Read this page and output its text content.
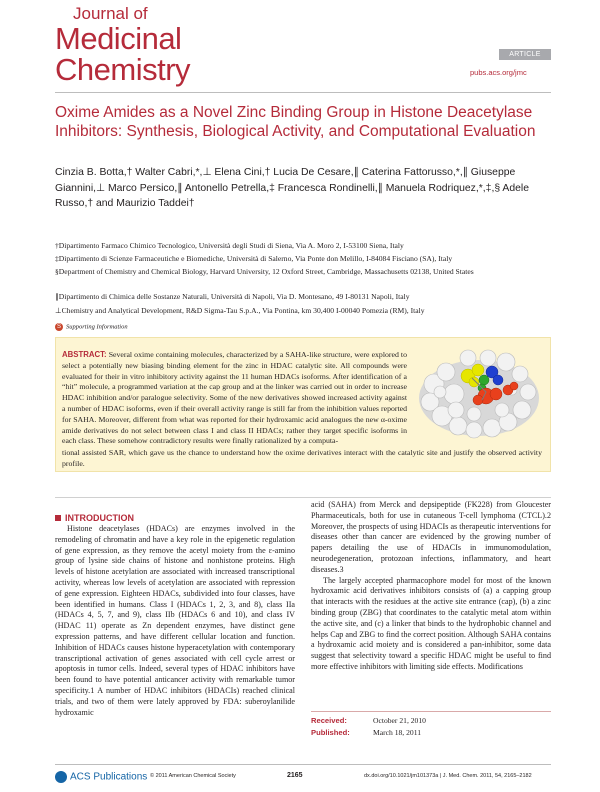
Journal of
Medicinal
Chemistry	ARTICLE
pubs.acs.org/jmc
Oxime Amides as a Novel Zinc Binding Group in Histone Deacetylase Inhibitors: Synthesis, Biological Activity, and Computational Evaluation
Cinzia B. Botta,† Walter Cabri,*,⊥ Elena Cini,† Lucia De Cesare,∥ Caterina Fattorusso,*,∥ Giuseppe Giannini,⊥ Marco Persico,∥ Antonello Petrella,‡ Francesca Rondinelli,∥ Manuela Rodriquez,*,‡,§ Adele Russo,† and Maurizio Taddei†
†Dipartimento Farmaco Chimico Tecnologico, Università degli Studi di Siena, Via A. Moro 2, I-53100 Siena, Italy
‡Dipartimento di Scienze Farmaceutiche e Biomediche, Università di Salerno, Via Ponte don Melillo, I-84084 Fisciano (SA), Italy
§Department of Chemistry and Chemical Biology, Harvard University, 12 Oxford Street, Cambridge, Massachusetts 02138, United States
∥Dipartimento di Chimica delle Sostanze Naturali, Università di Napoli, Via D. Montesano, 49 I-80131 Napoli, Italy
⊥Chemistry and Analytical Development, R&D Sigma-Tau S.p.A., Via Pontina, km 30,400 I-00040 Pomezia (RM), Italy
S Supporting Information
ABSTRACT: Several oxime containing molecules, characterized by a SAHA-like structure, were explored to select a potentially new biasing binding element for the zinc in HDAC catalytic site. All compounds were evaluated for their in vitro inhibitory activity against the 11 human HDACs isoforms. After identification of a “hit” molecule, a programmed variation at the cap group and at the linker was carried out in order to increase HDAC inhibition and/or paralogue selectivity. Some of the new derivatives showed increased activity against a number of HDAC isoforms, even if their overall activity range is still far from the inhibition values reported for SAHA. Moreover, different from what was reported for their hydroxamic acid analogues the new α-oxime amide derivatives do not select between class I and class II HDACs; rather they target specific isoforms in each class. These somehow contradictory results were finally rationalized by a computa-
tional assisted SAR, which gave us the chance to understand how the oxime derivatives interact with the catalytic site and justify the observed activity profile.
INTRODUCTION

Histone deacetylases (HDACs) are enzymes involved in the remodeling of chromatin and have a key role in the epigenetic regulation of gene expression, as they remove the acetyl moiety from the ε-amino group of lysine side chains of histone and nonhistone proteins. High levels of histone acetylation are associated with increased transcriptional activity, whereas low levels of acetylation are associated with repression of gene expression. Eighteen HDACs, subdivided into four classes, have been identified in humans. Class I (HDACs 1, 2, 3, and 8), class IIa (HDACs 4, 5, 7, and 9), class IIb (HDACs 6 and 10), and class IV (HDAC 11) operate as Zn dependent enzymes, have distinct gene expression patterns, and have different cellular location and function. Inhibition of HDACs causes histone hyperacetylation with contemporary transcriptional activation of genes associated with cell cycle arrest or apoptosis in tumor cells. Indeed, several types of HDAC inhibitors have been found to have potential anticancer activity with remarkable tumor specificity.1 A number of HDAC inhibitors (HDACIs) reached clinical trials, and two of them were lately approved by FDA: suberoylanilide hydroxamic

acid (SAHA) from Merck and depsipeptide (FK228) from Gloucester Pharmaceuticals, both for use in cutaneous T-cell lymphoma (CTCL).2 Moreover, the prospects of using HDACIs as therapeutic interventions for diseases other than cancer are evidenced by the growing number of papers detailing the use of HDACIs in immunomodulation, neurodegeneration, protozoan infections, inflammatory, and heart diseases.3

The largely accepted pharmacophore model for most of the known hydroxamic acid derivatives inhibitors consists of (a) a capping group that interacts with the residues at the active site entrance (cap), (b) a zinc binding group (ZBG) that coordinates to the catalytic metal atom within the active site, and (c) a linker that binds to the hydrophobic channel and helps Cap and ZBG to find the correct position. Although SAHA contains a hydroxamic acid moiety and is considered a pan-inhibitor, some data suggest that selectivity toward a specific HDAC might be useful to find more effective inhibitors with limiting side effects. Modifications

Received:	October 21, 2010
Published:	March 18, 2011
ACS Publications © 2011 American Chemical Society	2165	dx.doi.org/10.1021/jm101373a | J. Med. Chem. 2011, 54, 2165–2182
